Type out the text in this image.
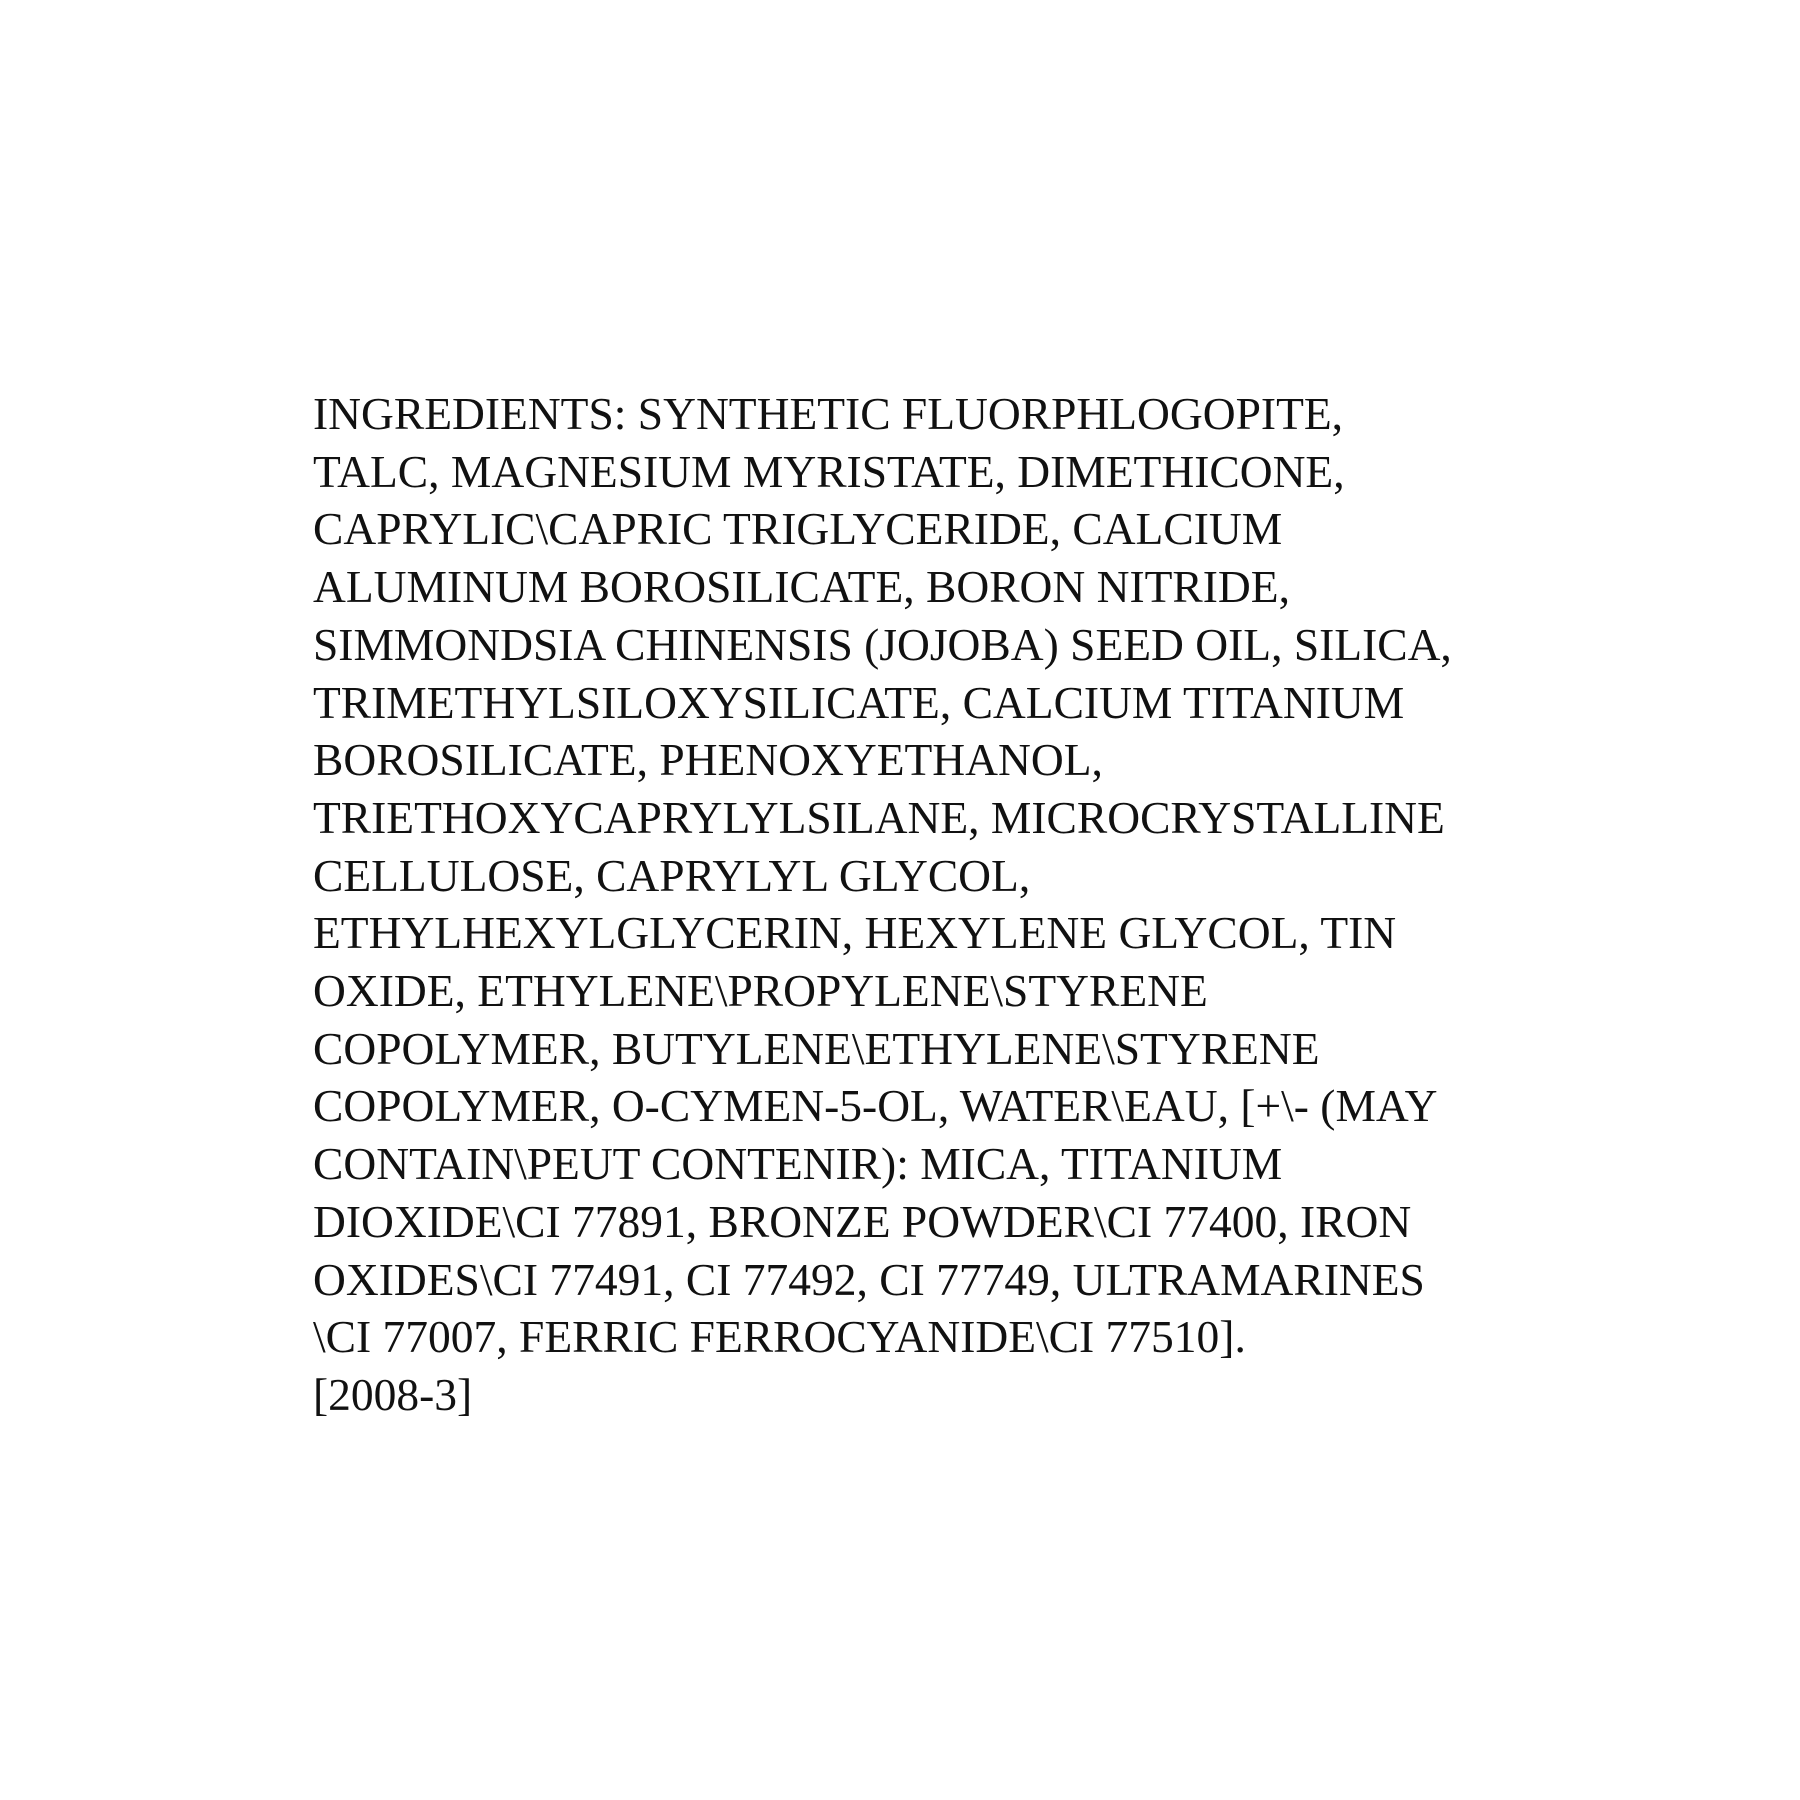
INGREDIENTS: SYNTHETIC FLUORPHLOGOPITE,
TALC, MAGNESIUM MYRISTATE, DIMETHICONE,
CAPRYLIC\CAPRIC TRIGLYCERIDE, CALCIUM
ALUMINUM BOROSILICATE, BORON NITRIDE,
SIMMONDSIA CHINENSIS (JOJOBA) SEED OIL, SILICA,
TRIMETHYLSILOXYSILICATE, CALCIUM TITANIUM
BOROSILICATE, PHENOXYETHANOL,
TRIETHOXYCAPRYLYLSILANE, MICROCRYSTALLINE
CELLULOSE, CAPRYLYL GLYCOL,
ETHYLHEXYLGLYCERIN, HEXYLENE GLYCOL, TIN
OXIDE, ETHYLENE\PROPYLENE\STYRENE
COPOLYMER, BUTYLENE\ETHYLENE\STYRENE
COPOLYMER, O-CYMEN-5-OL, WATER\EAU, [+\- (MAY
CONTAIN\PEUT CONTENIR): MICA, TITANIUM
DIOXIDE\CI 77891, BRONZE POWDER\CI 77400, IRON
OXIDES\CI 77491, CI 77492, CI 77749, ULTRAMARINES
\CI 77007, FERRIC FERROCYANIDE\CI 77510].
[2008-3]
